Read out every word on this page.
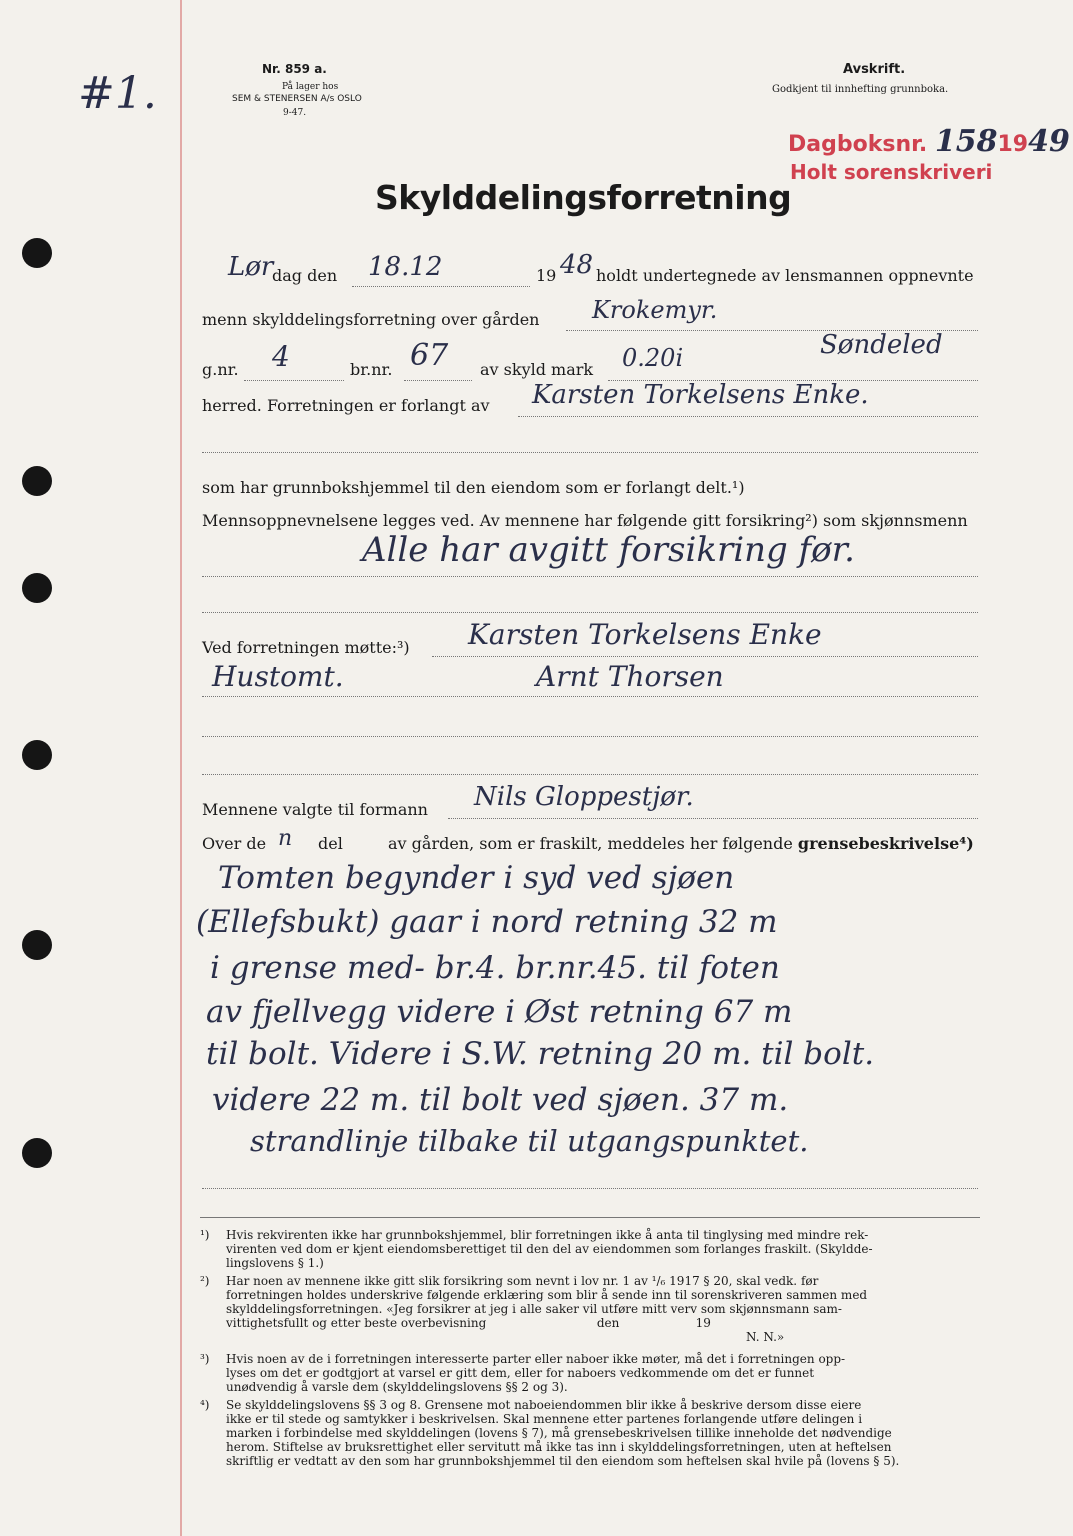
#1.	Nr. 859 a.
På lager hos
SEM & STENERSEN A/s OSLO
9-47.
Avskrift.
Godkjent til innhefting grunnboka.
Dagboksnr. 1581949
Holt sorenskriveri
Skylddelingsforretning
Lør
dag den 18.12	19 48 holdt undertegnede av lensmannen oppnevnte
menn skylddelingsforretning over gården Krokemyr.
g.nr. 4	br.nr. 67 av skyld mark 0.20i	Søndeled
herred. Forretningen er forlangt av Karsten Torkelsens Enke.
som har grunnbokshjemmel til den eiendom som er forlangt delt.¹)
Mennsoppnevnelsene legges ved. Av mennene har følgende gitt forsikring²) som skjønnsmenn
Alle har avgitt forsikring før.
Ved forretningen møtte:³) Karsten Torkelsens Enke
Hustomt.	Arnt Thorsen
Mennene valgte til formann Nils Gloppestjør.
Over de n del	av gården, som er fraskilt, meddeles her følgende grensebeskrivelse⁴)
Tomten begynder i syd ved sjøen
(Ellefsbukt) gaar i nord retning 32 m
i grense med- br.4. br.nr.45. til foten
av fjellvegg videre i Øst retning 67 m
til bolt. Videre i S.W. retning 20 m. til bolt.
videre 22 m. til bolt ved sjøen. 37 m.
strandlinje tilbake til utgangspunktet.
¹) Hvis rekvirenten ikke har grunnbokshjemmel, blir forretningen ikke å anta til tinglysing med mindre rek-
virenten ved dom er kjent eiendomsberettiget til den del av eiendommen som forlanges fraskilt. (Skyldde-
lingslovens § 1.)
²) Har noen av mennene ikke gitt slik forsikring som nevnt i lov nr. 1 av ¹/₆ 1917 § 20, skal vedk. før
forretningen holdes underskrive følgende erklæring som blir å sende inn til sorenskriveren sammen med
skylddelingsforretningen. «Jeg forsikrer at jeg i alle saker vil utføre mitt verv som skjønnsmann sam-
vittighetsfullt og etter beste overbevisning                             den                    19
N. N.»
³) Hvis noen av de i forretningen interesserte parter eller naboer ikke møter, må det i forretningen opp-
lyses om det er godtgjort at varsel er gitt dem, eller for naboers vedkommende om det er funnet
unødvendig å varsle dem (skylddelingslovens §§ 2 og 3).
⁴) Se skylddelingslovens §§ 3 og 8. Grensene mot naboeiendommen blir ikke å beskrive dersom disse eiere
ikke er til stede og samtykker i beskrivelsen. Skal mennene etter partenes forlangende utføre delingen i
marken i forbindelse med skylddelingen (lovens § 7), må grensebeskrivelsen tillike inneholde det nødvendige
herom. Stiftelse av bruksrettighet eller servitutt må ikke tas inn i skylddelingsforretningen, uten at heftelsen
skriftlig er vedtatt av den som har grunnbokshjemmel til den eiendom som heftelsen skal hvile på (lovens § 5).
